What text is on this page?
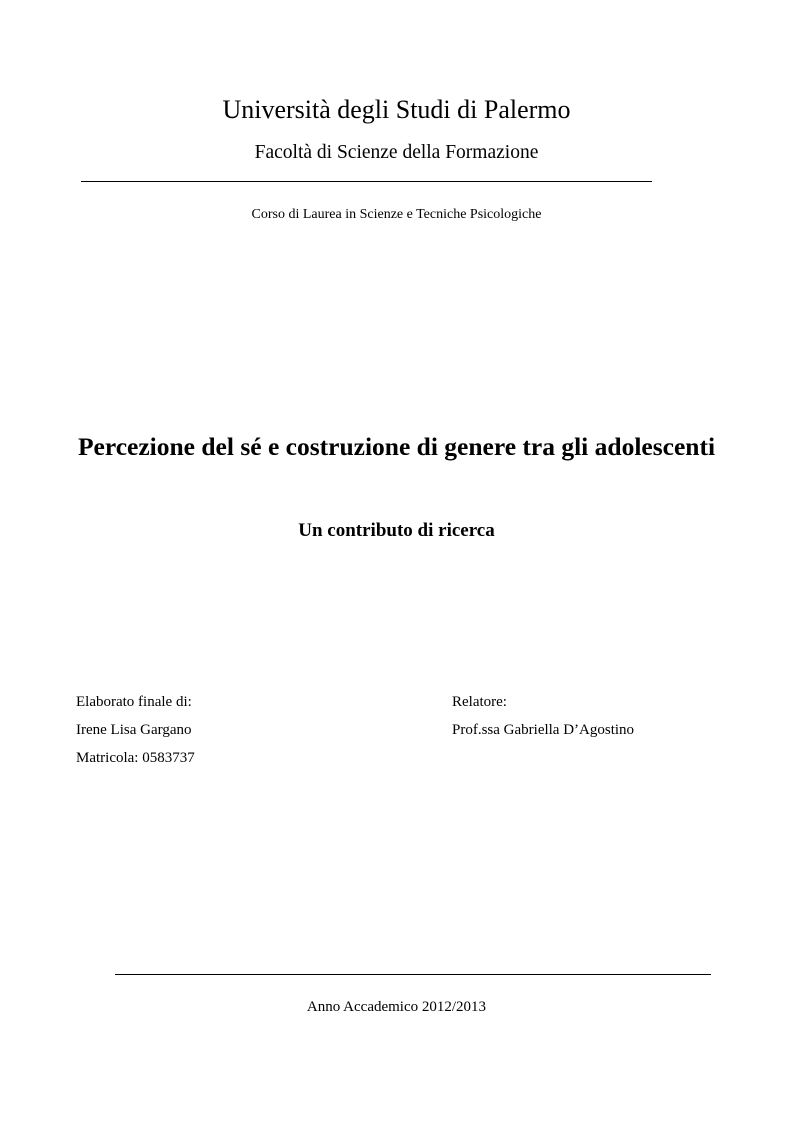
Università degli Studi di Palermo
Facoltà di Scienze della Formazione
Corso di Laurea in Scienze e Tecniche Psicologiche
Percezione del sé e costruzione di genere tra gli adolescenti
Un contributo di ricerca
Elaborato finale di:
Irene Lisa Gargano
Matricola: 0583737
Relatore:
Prof.ssa Gabriella D’Agostino
Anno Accademico 2012/2013
